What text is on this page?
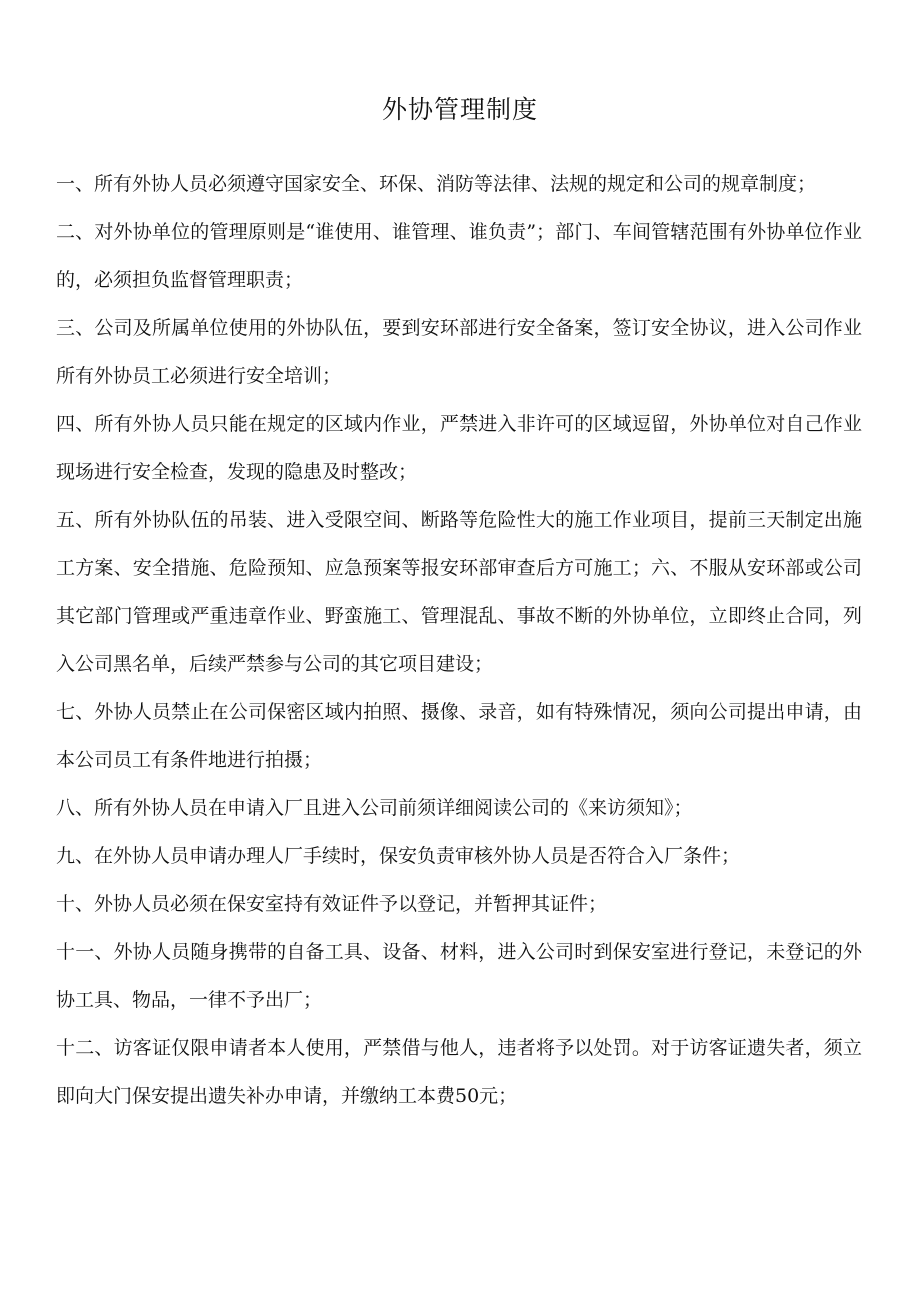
外协管理制度

一、所有外协人员必须遵守国家安全、环保、消防等法律、法规的规定和公司的规章制度；

二、对外协单位的管理原则是“谁使用、谁管理、谁负责”；部门、车间管辖范围有外协单位作业的，必须担负监督管理职责；

三、公司及所属单位使用的外协队伍，要到安环部进行安全备案，签订安全协议，进入公司作业所有外协员工必须进行安全培训；

四、所有外协人员只能在规定的区域内作业，严禁进入非许可的区域逗留，外协单位对自己作业现场进行安全检查，发现的隐患及时整改；

五、所有外协队伍的吊装、进入受限空间、断路等危险性大的施工作业项目，提前三天制定出施工方案、安全措施、危险预知、应急预案等报安环部审查后方可施工；六、不服从安环部或公司其它部门管理或严重违章作业、野蛮施工、管理混乱、事故不断的外协单位，立即终止合同，列入公司黑名单，后续严禁参与公司的其它项目建设；

七、外协人员禁止在公司保密区域内拍照、摄像、录音，如有特殊情况，须向公司提出申请，由本公司员工有条件地进行拍摄；

八、所有外协人员在申请入厂且进入公司前须详细阅读公司的《来访须知》；

九、在外协人员申请办理人厂手续时，保安负责审核外协人员是否符合入厂条件；

十、外协人员必须在保安室持有效证件予以登记，并暂押其证件；

十一、外协人员随身携带的自备工具、设备、材料，进入公司时到保安室进行登记，未登记的外协工具、物品，一律不予出厂；

十二、访客证仅限申请者本人使用，严禁借与他人，违者将予以处罚。对于访客证遗失者，须立即向大门保安提出遗失补办申请，并缴纳工本费50元；
